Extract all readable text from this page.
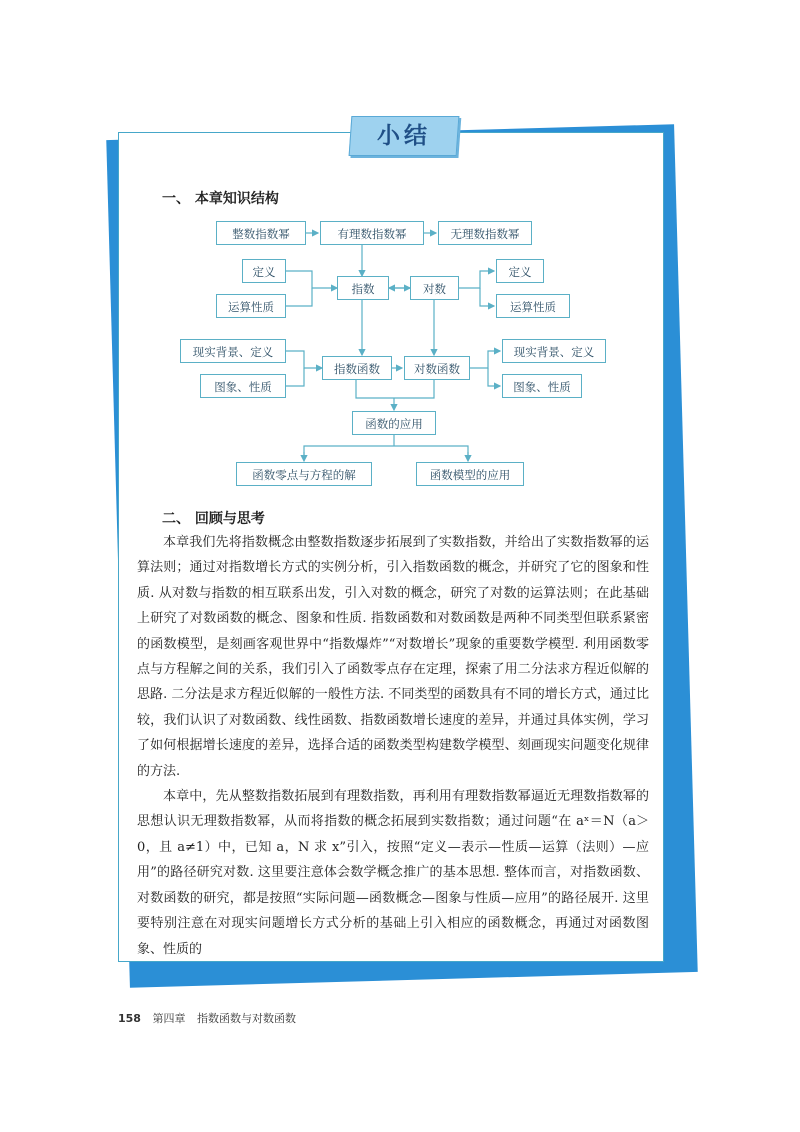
小结
一、 本章知识结构
整数指数幂	有理数指数幂	无理数指数幂
定义
运算性质
指数	对数
定义
运算性质
现实背景、定义
图象、性质
指数函数	对数函数
现实背景、定义
图象、性质
函数的应用
函数零点与方程的解	函数模型的应用
二、 回顾与思考

本章我们先将指数概念由整数指数逐步拓展到了实数指数，并给出了实数指数幂的运算法则；通过对指数增长方式的实例分析，引入指数函数的概念，并研究了它的图象和性质. 从对数与指数的相互联系出发，引入对数的概念，研究了对数的运算法则；在此基础上研究了对数函数的概念、图象和性质. 指数函数和对数函数是两种不同类型但联系紧密的函数模型，是刻画客观世界中“指数爆炸”“对数增长”现象的重要数学模型. 利用函数零点与方程解之间的关系，我们引入了函数零点存在定理，探索了用二分法求方程近似解的思路. 二分法是求方程近似解的一般性方法. 不同类型的函数具有不同的增长方式，通过比较，我们认识了对数函数、线性函数、指数函数增长速度的差异，并通过具体实例，学习了如何根据增长速度的差异，选择合适的函数类型构建数学模型、刻画现实问题变化规律的方法.

本章中，先从整数指数拓展到有理数指数，再利用有理数指数幂逼近无理数指数幂的思想认识无理数指数幂，从而将指数的概念拓展到实数指数；通过问题“在 aˣ＝N（a＞0，且 a≠1）中，已知 a，N 求 x”引入，按照“定义—表示—性质—运算（法则）—应用”的路径研究对数. 这里要注意体会数学概念推广的基本思想. 整体而言，对指数函数、对数函数的研究，都是按照“实际问题—函数概念—图象与性质—应用”的路径展开. 这里要特别注意在对现实问题增长方式分析的基础上引入相应的函数概念，再通过对函数图象、性质的

158 第四章 指数函数与对数函数
